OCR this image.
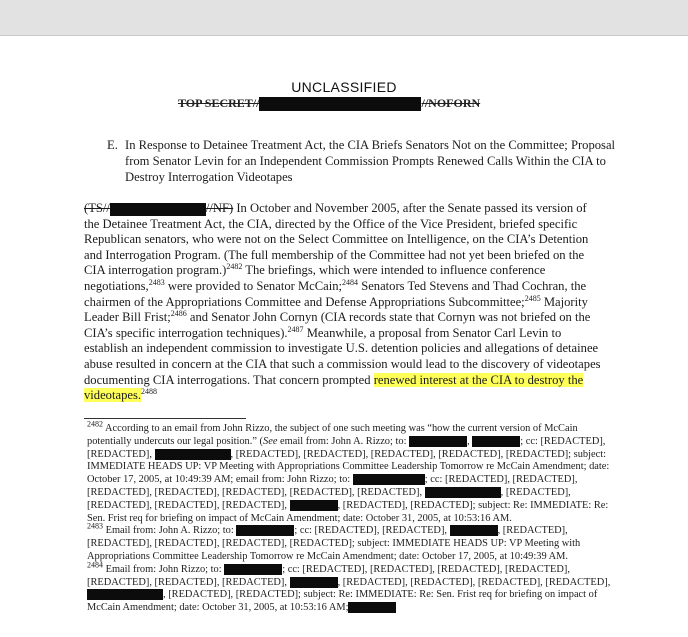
UNCLASSIFIED
TOP SECRET//	//NOFORN
E. In Response to Detainee Treatment Act, the CIA Briefs Senators Not on the Committee; Proposal from Senator Levin for an Independent Commission Prompts Renewed Calls Within the CIA to Destroy Interrogation Videotapes
(TS//	//NF) In October and November 2005, after the Senate passed its version of the Detainee Treatment Act, the CIA, directed by the Office of the Vice President, briefed specific Republican senators, who were not on the Select Committee on Intelligence, on the CIA’s Detention and Interrogation Program. (The full membership of the Committee had not yet been briefed on the CIA interrogation program.)$^{2482}$ The briefings, which were intended to influence conference negotiations,$^{2483}$ were provided to Senator McCain;$^{2484}$ Senators Ted Stevens and Thad Cochran, the chairmen of the Appropriations Committee and Defense Appropriations Subcommittee;$^{2485}$ Majority Leader Bill Frist;$^{2486}$ and Senator John Cornyn (CIA records state that Cornyn was not briefed on the CIA’s specific interrogation techniques).$^{2487}$ Meanwhile, a proposal from Senator Carl Levin to establish an independent commission to investigate U.S. detention policies and allegations of detainee abuse resulted in concern at the CIA that such a commission would lead to the discovery of videotapes documenting CIA interrogations. That concern prompted renewed interest at the CIA to destroy the videotapes.$^{2488}$

$^{2482}$ According to an email from John Rizzo, the subject of one such meeting was “how the current version of McCain potentially undercuts our legal position.” (See email from: John A. Rizzo; to:	,	; cc: [REDACTED], [REDACTED],	, [REDACTED], [REDACTED], [REDACTED], [REDACTED], [REDACTED]; subject: IMMEDIATE HEADS UP: VP Meeting with Appropriations Committee Leadership Tomorrow re McCain Amendment; date: October 17, 2005, at 10:49:39 AM; email from: John Rizzo; to:	; cc: [REDACTED], [REDACTED], [REDACTED], [REDACTED], [REDACTED], [REDACTED], [REDACTED],	, [REDACTED], [REDACTED], [REDACTED], [REDACTED],	, [REDACTED], [REDACTED]; subject: Re: IMMEDIATE: Re: Sen. Frist req for briefing on impact of McCain Amendment; date: October 31, 2005, at 10:53:16 AM.

$^{2483}$ Email from: John A. Rizzo; to:	; cc: [REDACTED], [REDACTED],	, [REDACTED], [REDACTED], [REDACTED], [REDACTED], [REDACTED]; subject: IMMEDIATE HEADS UP: VP Meeting with Appropriations Committee Leadership Tomorrow re McCain Amendment; date: October 17, 2005, at 10:49:39 AM.

$^{2484}$ Email from: John Rizzo; to:	; cc: [REDACTED], [REDACTED], [REDACTED], [REDACTED], [REDACTED], [REDACTED], [REDACTED],	, [REDACTED], [REDACTED], [REDACTED], [REDACTED], , [REDACTED], [REDACTED]; subject: Re: IMMEDIATE: Re: Sen. Frist req for briefing on impact of McCain Amendment; date: October 31, 2005, at 10:53:16 AM;
